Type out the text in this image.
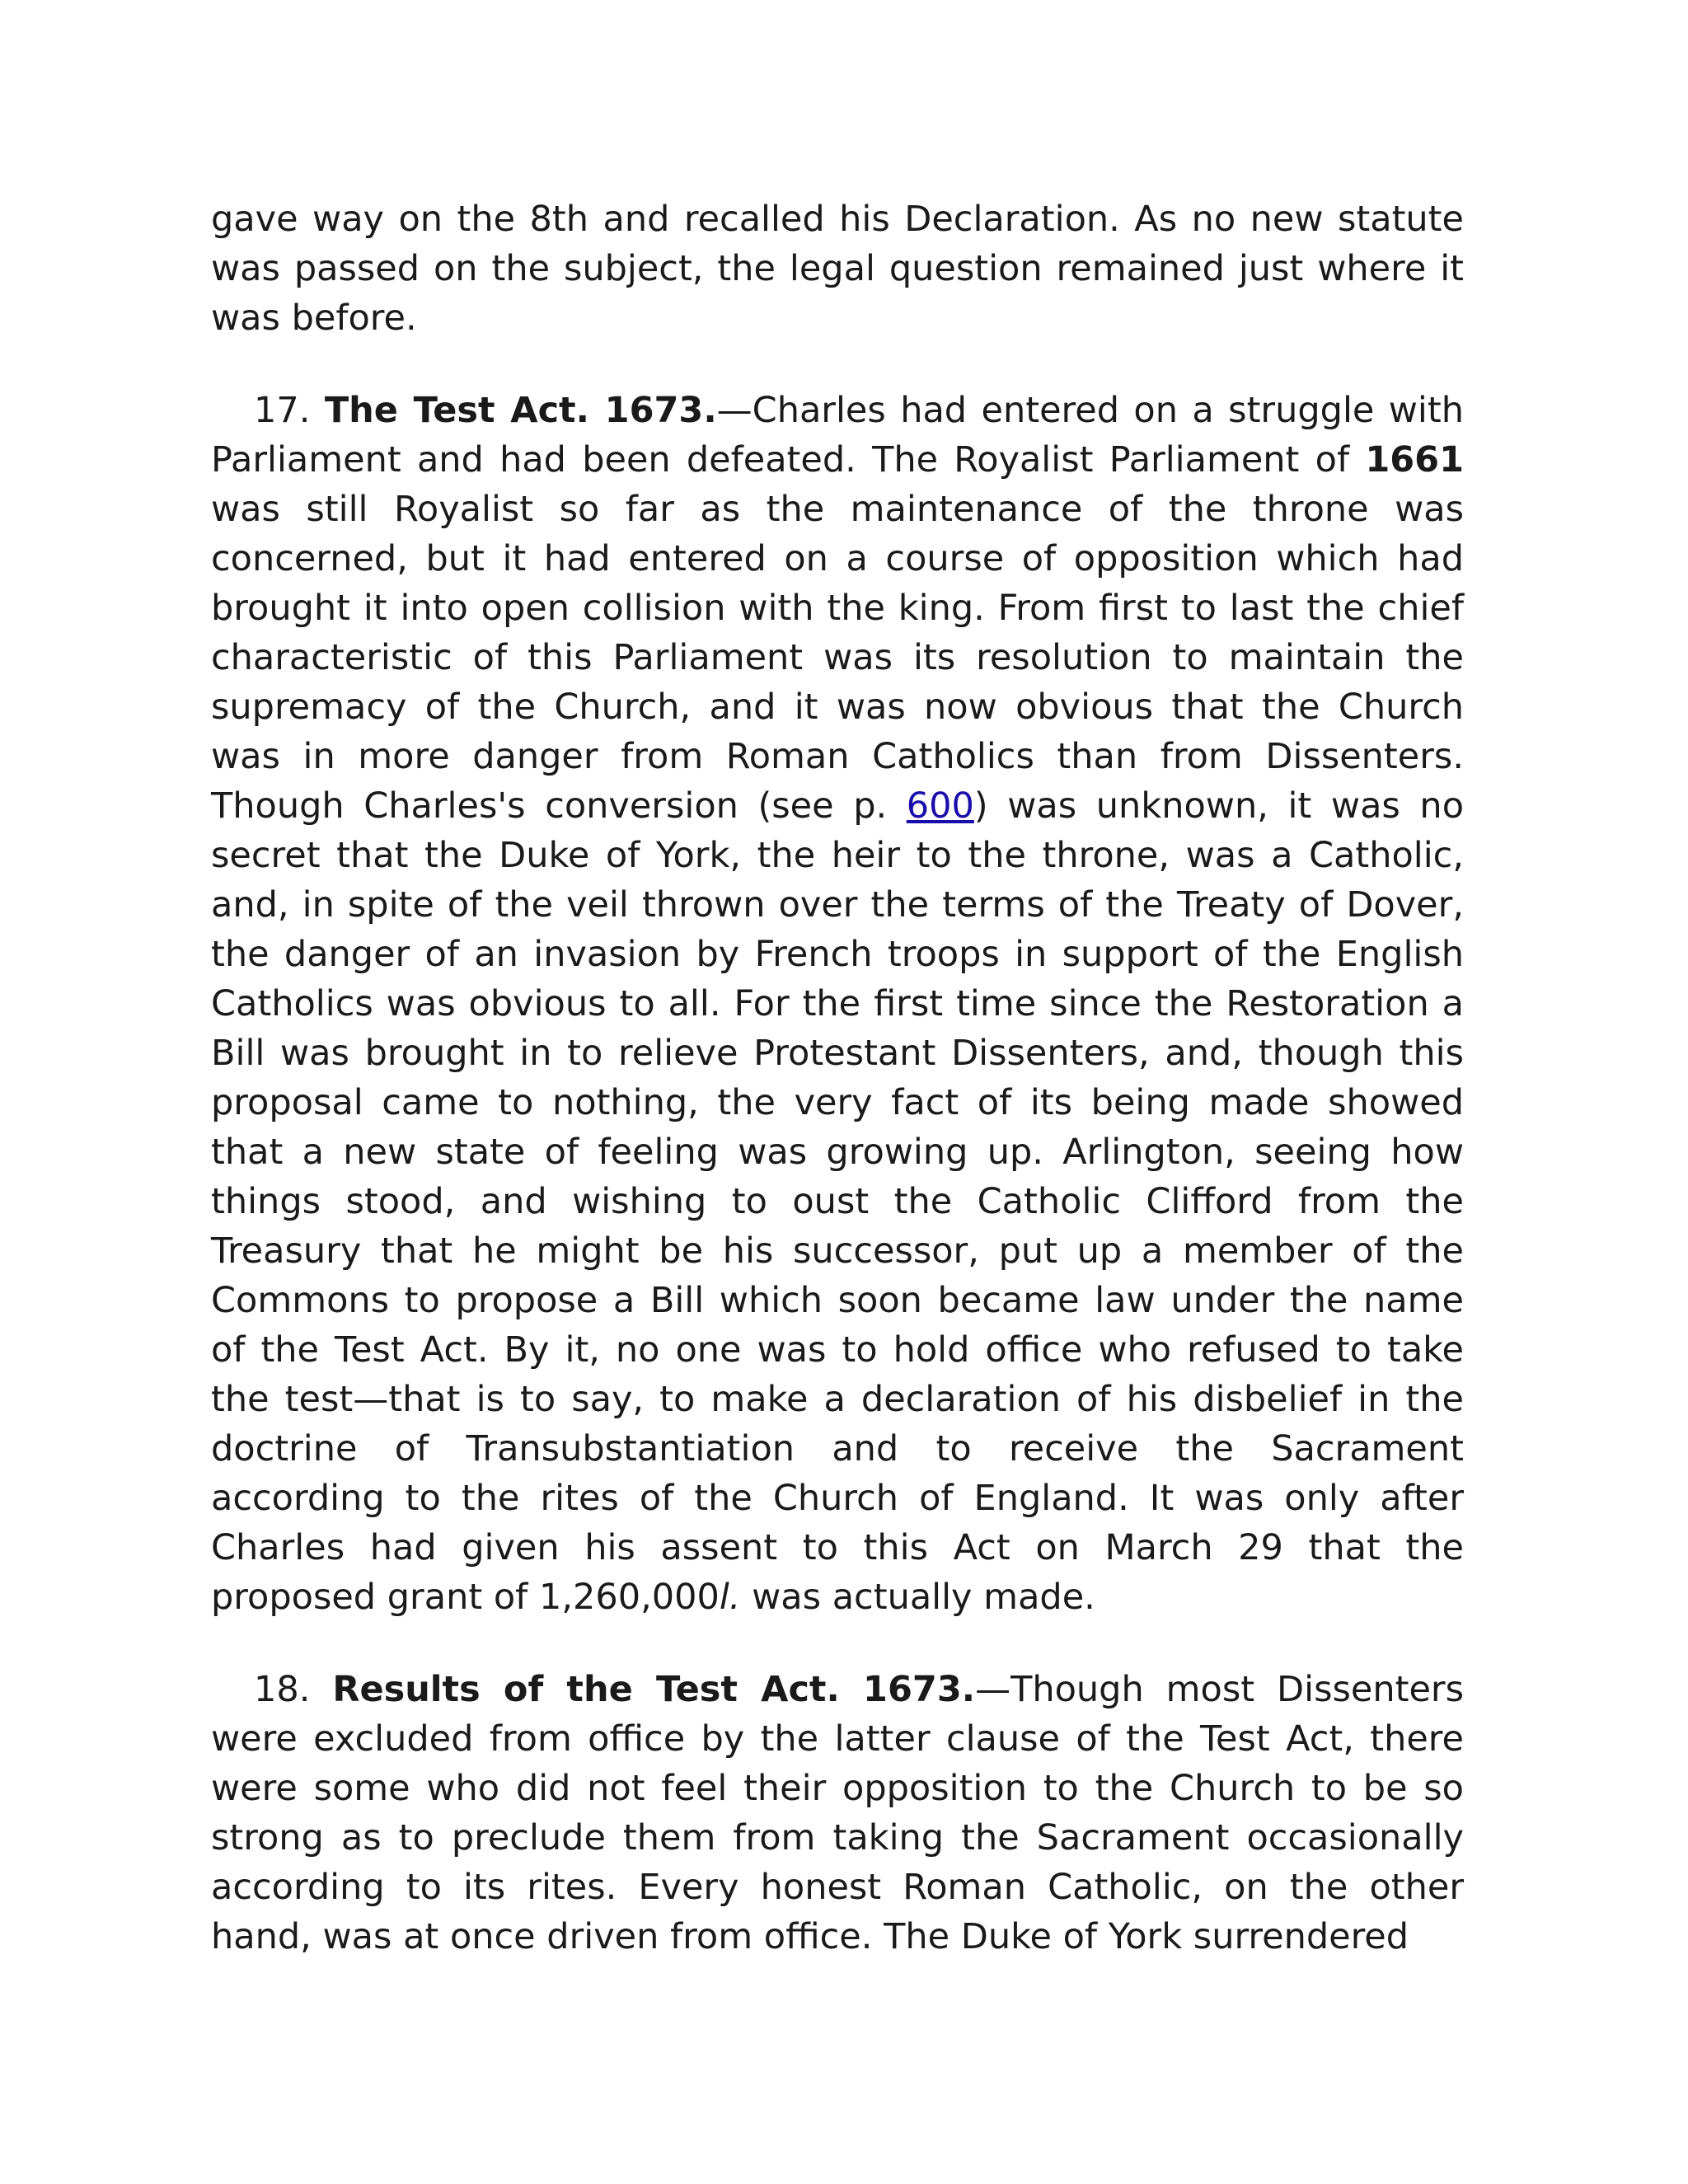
gave way on the 8th and recalled his Declaration. As no new statute was passed on the subject, the legal question remained just where it was before.

17. The Test Act. 1673.—Charles had entered on a struggle with Parliament and had been defeated. The Royalist Parliament of 1661 was still Royalist so far as the maintenance of the throne was concerned, but it had entered on a course of opposition which had brought it into open collision with the king. From first to last the chief characteristic of this Parliament was its resolution to maintain the supremacy of the Church, and it was now obvious that the Church was in more danger from Roman Catholics than from Dissenters. Though Charles's conversion (see p. 600) was unknown, it was no secret that the Duke of York, the heir to the throne, was a Catholic, and, in spite of the veil thrown over the terms of the Treaty of Dover, the danger of an invasion by French troops in support of the English Catholics was obvious to all. For the first time since the Restoration a Bill was brought in to relieve Protestant Dissenters, and, though this proposal came to nothing, the very fact of its being made showed that a new state of feeling was growing up. Arlington, seeing how things stood, and wishing to oust the Catholic Clifford from the Treasury that he might be his successor, put up a member of the Commons to propose a Bill which soon became law under the name of the Test Act. By it, no one was to hold office who refused to take the test—that is to say, to make a declaration of his disbelief in the doctrine of Transubstantiation and to receive the Sacrament according to the rites of the Church of England. It was only after Charles had given his assent to this Act on March 29 that the proposed grant of 1,260,000l. was actually made.

18. Results of the Test Act. 1673.—Though most Dissenters were excluded from office by the latter clause of the Test Act, there were some who did not feel their opposition to the Church to be so strong as to preclude them from taking the Sacrament occasionally according to its rites. Every honest Roman Catholic, on the other hand, was at once driven from office. The Duke of York surrendered
